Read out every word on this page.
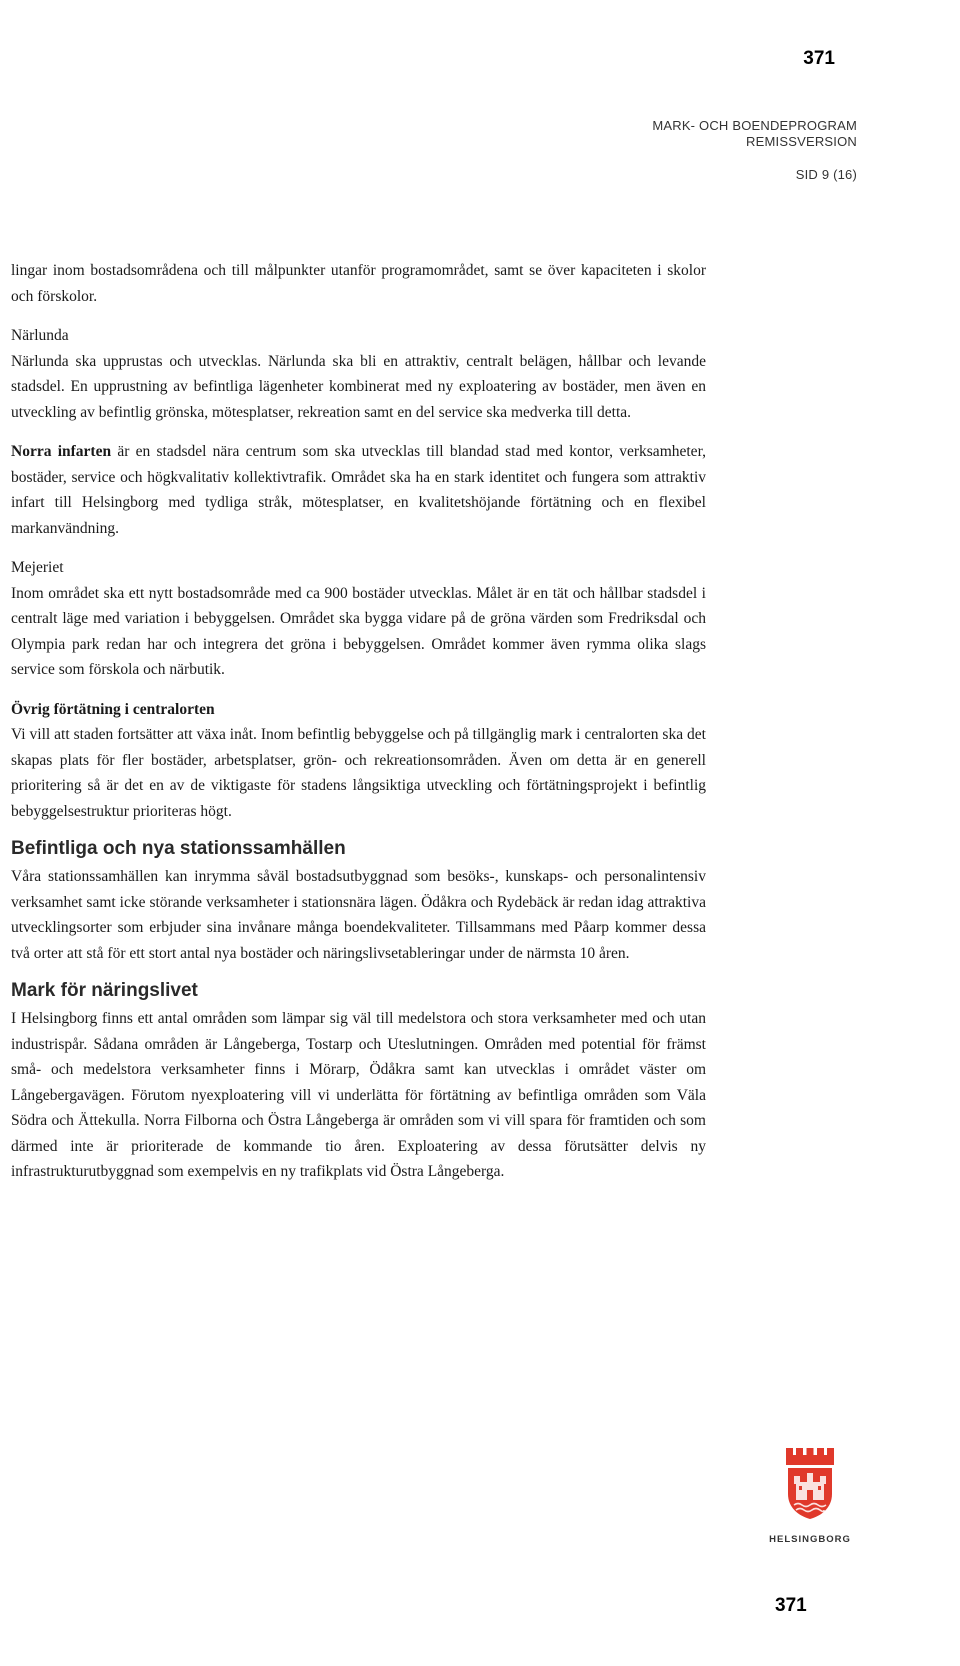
371
MARK- OCH BOENDEPROGRAM
REMISSVERSION
SID 9 (16)

lingar inom bostadsområdena och till målpunkter utanför programområdet, samt se över kapaciteten i skolor och förskolor.

Närlunda

Närlunda ska upprustas och utvecklas. Närlunda ska bli en attraktiv, centralt belägen, hållbar och levande stadsdel. En upprustning av befintliga lägenheter kombinerat med ny exploatering av bostäder, men även en utveckling av befintlig grönska, mötesplatser, rekreation samt en del service ska medverka till detta.

Norra infarten är en stadsdel nära centrum som ska utvecklas till blandad stad med kontor, verksamheter, bostäder, service och högkvalitativ kollektivtrafik. Området ska ha en stark identitet och fungera som attraktiv infart till Helsingborg med tydliga stråk, mötesplatser, en kvalitetshöjande förtätning och en flexibel markanvändning.

Mejeriet

Inom området ska ett nytt bostadsområde med ca 900 bostäder utvecklas. Målet är en tät och hållbar stadsdel i centralt läge med variation i bebyggelsen. Området ska bygga vidare på de gröna värden som Fredriksdal och Olympia park redan har och integrera det gröna i bebyggelsen. Området kommer även rymma olika slags service som förskola och närbutik.

Övrig förtätning i centralorten

Vi vill att staden fortsätter att växa inåt. Inom befintlig bebyggelse och på tillgänglig mark i centralorten ska det skapas plats för fler bostäder, arbetsplatser, grön- och rekreationsområden. Även om detta är en generell prioritering så är det en av de viktigaste för stadens långsiktiga utveckling och förtätningsprojekt i befintlig bebyggelsestruktur prioriteras högt.

Befintliga och nya stationssamhällen

Våra stationssamhällen kan inrymma såväl bostadsutbyggnad som besöks-, kunskaps- och personalintensiv verksamhet samt icke störande verksamheter i stationsnära lägen. Ödåkra och Rydebäck är redan idag attraktiva utvecklingsorter som erbjuder sina invånare många boendekvaliteter. Tillsammans med Påarp kommer dessa två orter att stå för ett stort antal nya bostäder och näringslivsetableringar under de närmsta 10 åren.

Mark för näringslivet

I Helsingborg finns ett antal områden som lämpar sig väl till medelstora och stora verksamheter med och utan industrispår. Sådana områden är Långeberga, Tostarp och Uteslutningen. Områden med potential för främst små- och medelstora verksamheter finns i Mörarp, Ödåkra samt kan utvecklas i området väster om Långebergavägen. Förutom nyexploatering vill vi underlätta för förtätning av befintliga områden som Väla Södra och Ättekulla. Norra Filborna och Östra Långeberga är områden som vi vill spara för framtiden och som därmed inte är prioriterade de kommande tio åren. Exploatering av dessa förutsätter delvis ny infrastrukturutbyggnad som exempelvis en ny trafikplats vid Östra Långeberga.

HELSINGBORG
371
